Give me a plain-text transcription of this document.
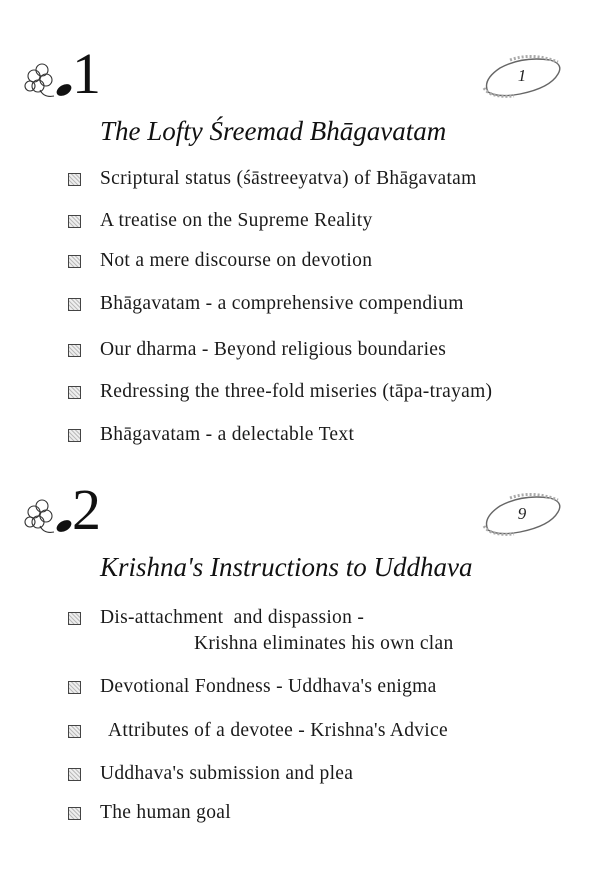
1	1
The Lofty Śreemad Bhāgavatam
Scriptural status (śāstreeyatva) of Bhāgavatam
A treatise on the Supreme Reality
Not a mere discourse on devotion
Bhāgavatam - a comprehensive compendium
Our dharma - Beyond religious boundaries
Redressing the three-fold miseries (tāpa-trayam)
Bhāgavatam - a delectable Text
2	9
Krishna's Instructions to Uddhava
Dis-attachment  and dispassion -
Krishna eliminates his own clan
Devotional Fondness - Uddhava's enigma
Attributes of a devotee - Krishna's Advice
Uddhava's submission and plea
The human goal
